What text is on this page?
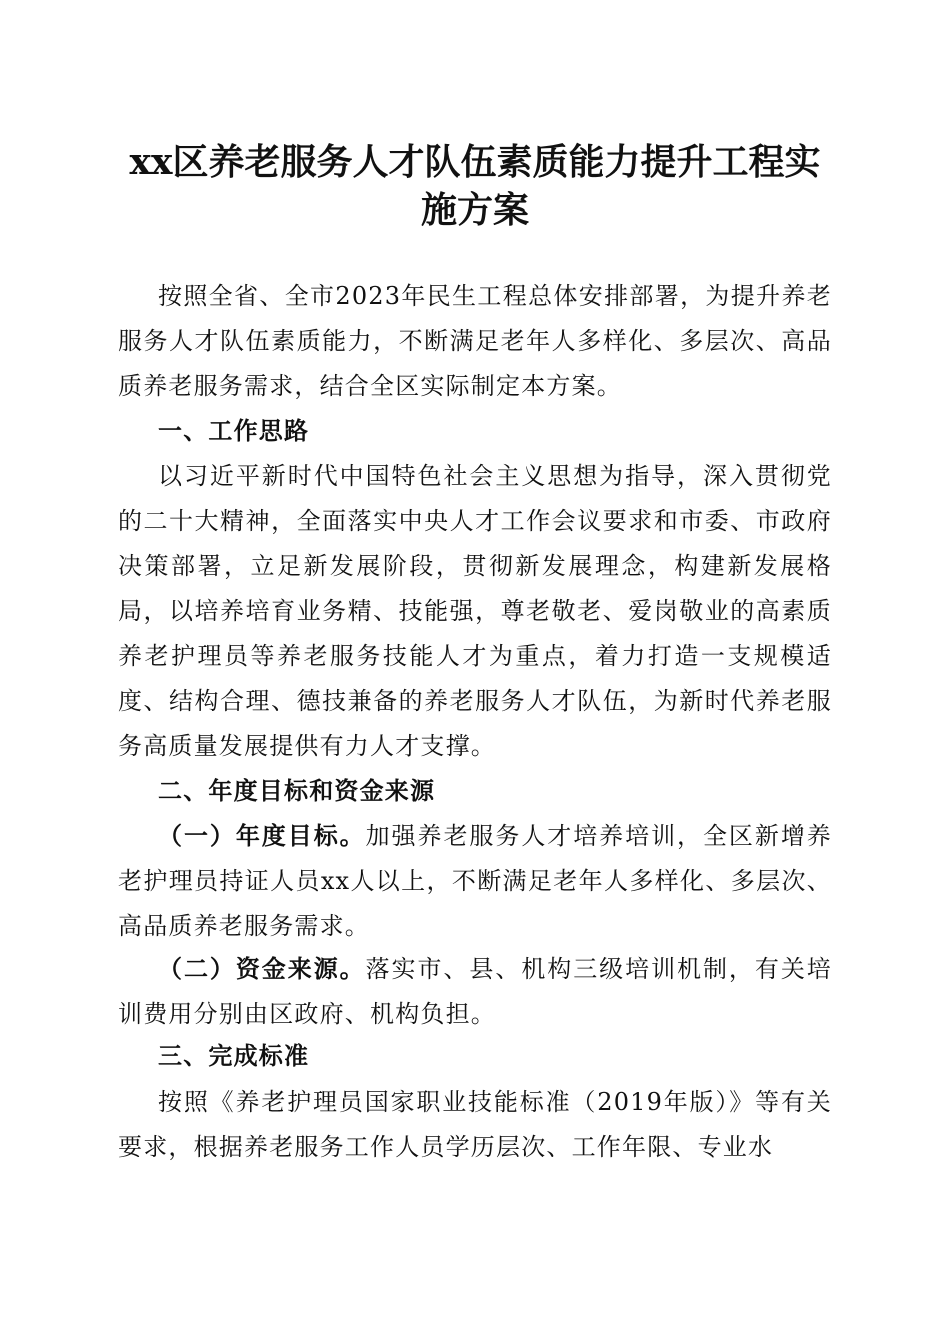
xx区养老服务人才队伍素质能力提升工程实
施方案

按照全省、全市2023年民生工程总体安排部署，为提升养老服务人才队伍素质能力，不断满足老年人多样化、多层次、高品质养老服务需求，结合全区实际制定本方案。

一、工作思路

以习近平新时代中国特色社会主义思想为指导，深入贯彻党的二十大精神，全面落实中央人才工作会议要求和市委、市政府决策部署，立足新发展阶段，贯彻新发展理念，构建新发展格局，以培养培育业务精、技能强，尊老敬老、爱岗敬业的高素质养老护理员等养老服务技能人才为重点，着力打造一支规模适度、结构合理、德技兼备的养老服务人才队伍，为新时代养老服务高质量发展提供有力人才支撑。

二、年度目标和资金来源

（一）年度目标。加强养老服务人才培养培训，全区新增养老护理员持证人员xx人以上，不断满足老年人多样化、多层次、高品质养老服务需求。

（二）资金来源。落实市、县、机构三级培训机制，有关培训费用分别由区政府、机构负担。

三、完成标准

按照《养老护理员国家职业技能标准（2019年版）》等有关要求，根据养老服务工作人员学历层次、工作年限、专业水
